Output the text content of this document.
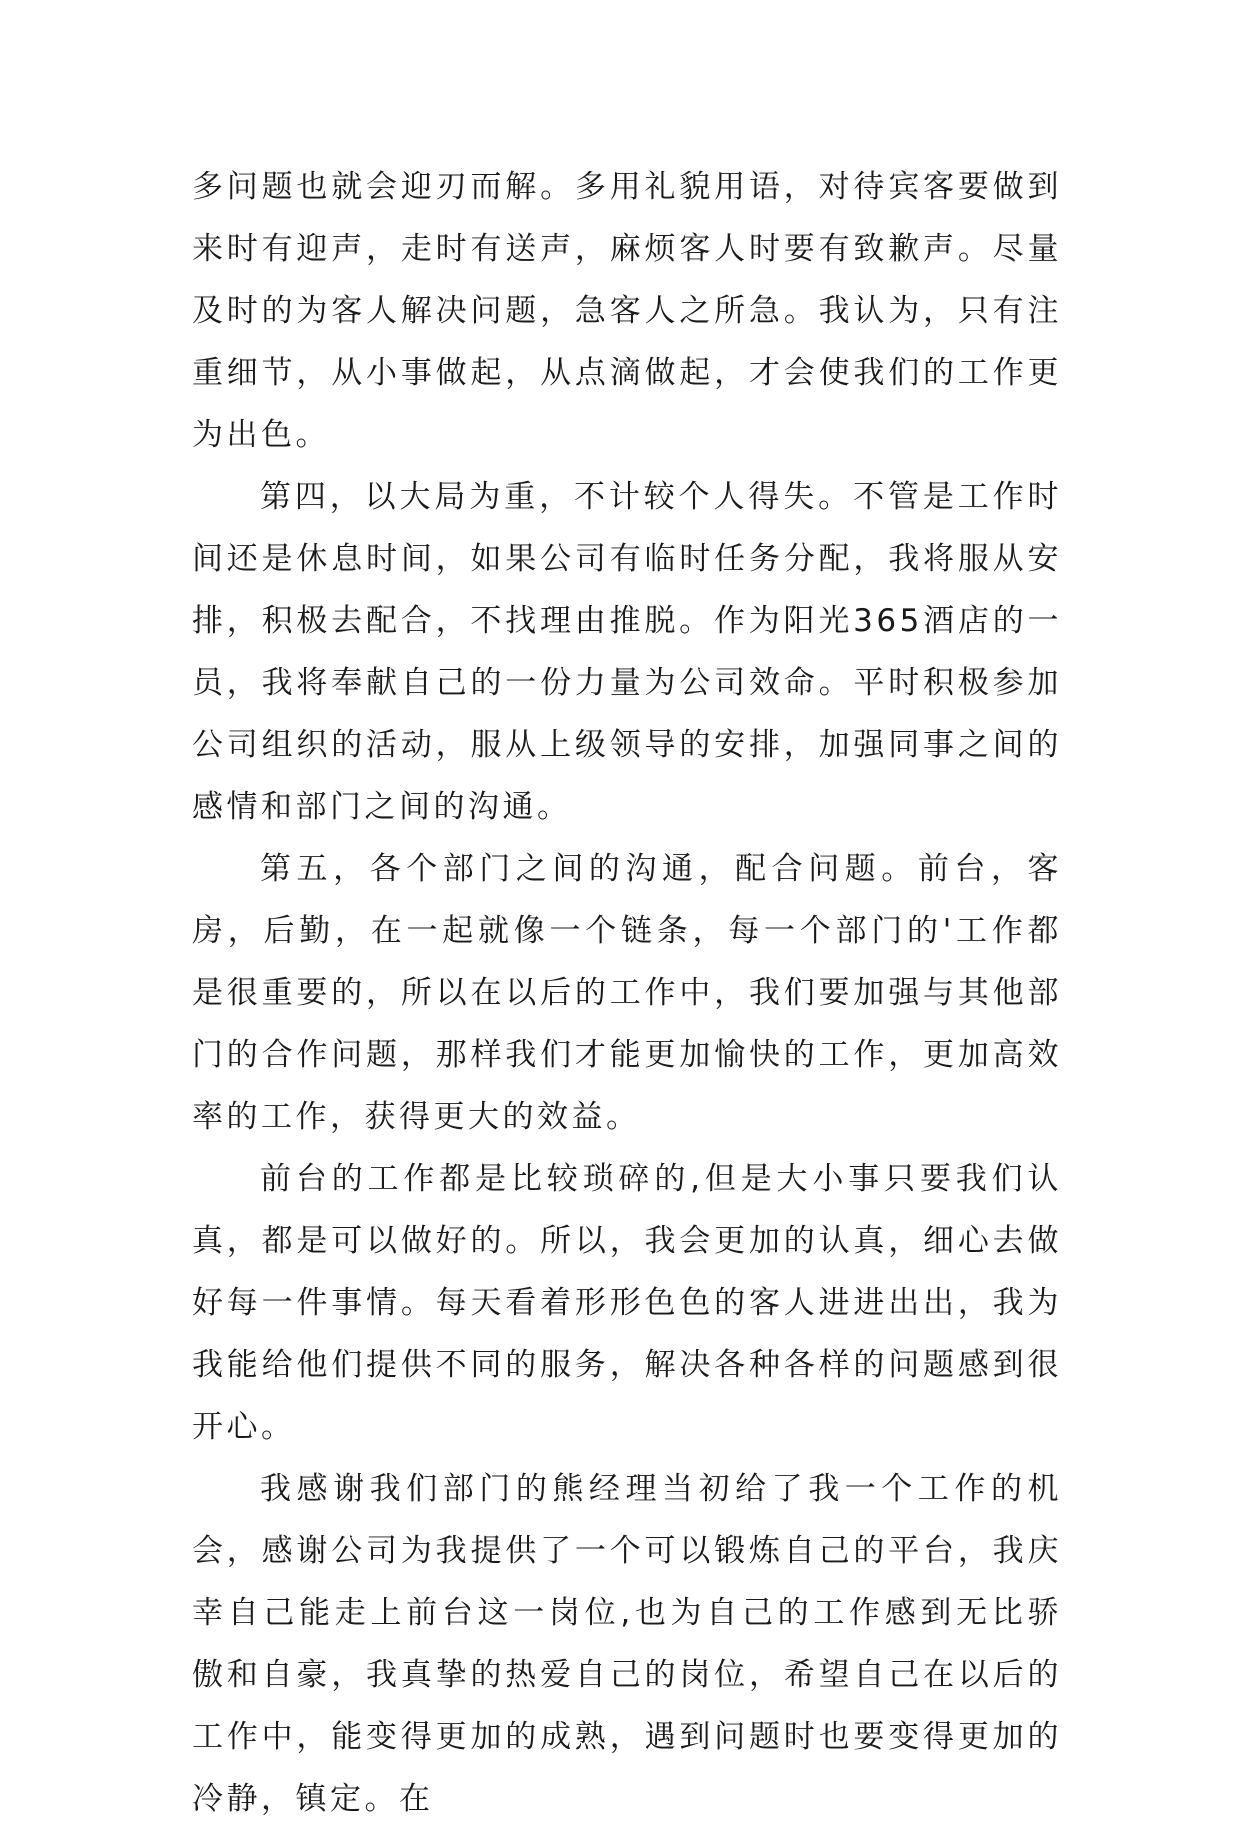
多问题也就会迎刃而解。多用礼貌用语，对待宾客要做到来时有迎声，走时有送声，麻烦客人时要有致歉声。尽量及时的为客人解决问题，急客人之所急。我认为，只有注重细节，从小事做起，从点滴做起，才会使我们的工作更为出色。

第四，以大局为重，不计较个人得失。不管是工作时间还是休息时间，如果公司有临时任务分配，我将服从安排，积极去配合，不找理由推脱。作为阳光365酒店的一员，我将奉献自己的一份力量为公司效命。平时积极参加公司组织的活动，服从上级领导的安排，加强同事之间的感情和部门之间的沟通。

第五，各个部门之间的沟通，配合问题。前台，客房，后勤，在一起就像一个链条，每一个部门的'工作都是很重要的，所以在以后的工作中，我们要加强与其他部门的合作问题，那样我们才能更加愉快的工作，更加高效率的工作，获得更大的效益。

前台的工作都是比较琐碎的,但是大小事只要我们认真，都是可以做好的。所以，我会更加的认真，细心去做好每一件事情。每天看着形形色色的客人进进出出，我为我能给他们提供不同的服务，解决各种各样的问题感到很开心。

我感谢我们部门的熊经理当初给了我一个工作的机会，感谢公司为我提供了一个可以锻炼自己的平台，我庆幸自己能走上前台这一岗位,也为自己的工作感到无比骄傲和自豪，我真挚的热爱自己的岗位，希望自己在以后的工作中，能变得更加的成熟，遇到问题时也要变得更加的冷静，镇定。在
